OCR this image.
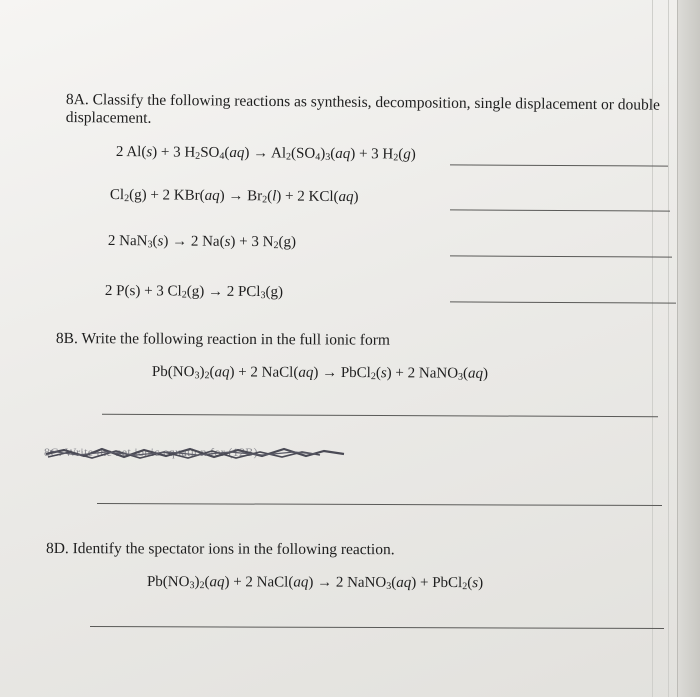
8A. Classify the following reactions as synthesis, decomposition, single displacement or double
displacement.
2 Al(s) + 3 $H_2SO_4(aq) \to Al_2(SO_4)_3(aq) + 3$ $H_2(g)$
$Cl_2(g) + 2$ $KBr(aq) \to Br_2(l) + 2$ KCl(aq)
2 NaN$_3$(s) → 2 Na(s) + 3 $N_2(g)$
2 P(s) + 3 $Cl_2(g) \to 2$ PCl$_3$(g)
8B. Write the following reaction in the full ionic form
$Pb(NO_3)_2(aq) + 2$ NaCl(aq) → PbCl$_2$(s) + 2 NaNO$_3$(aq)
8C. Write the net ionic equation for (12B)
8D. Identify the spectator ions in the following reaction.
$Pb(NO_3)_2(aq) + 2$ NaCl(aq) → 2 NaNO$_3$(aq) + PbCl$_2$(s)
